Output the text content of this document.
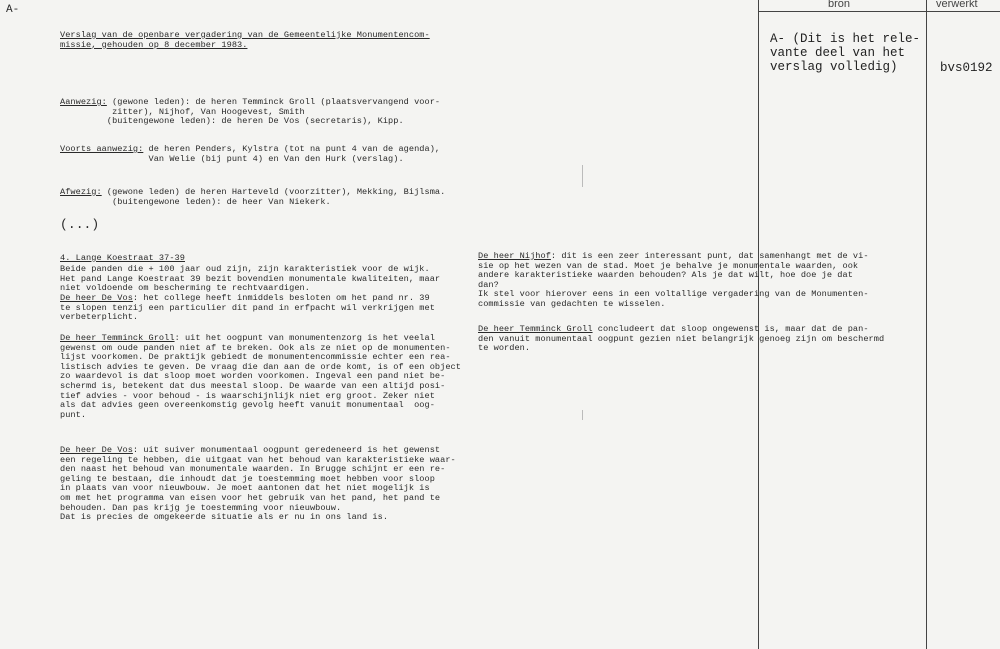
A-	bron	verwerkt
A- (Dit is het rele-
vante deel van het
verslag volledig)	bvs0192
Verslag van de openbare vergadering van de Gemeentelijke Monumentencom-
missie, gehouden op 8 december 1983.
Aanwezig: (gewone leden): de heren Temminck Groll (plaatsvervangend voor-
zitter), Nijhof, Van Hoogevest, Smith
(buitengewone leden): de heren De Vos (secretaris), Kipp.
Voorts aanwezig: de heren Penders, Kylstra (tot na punt 4 van de agenda),
Van Welie (bij punt 4) en Van den Hurk (verslag).
Afwezig: (gewone leden) de heren Harteveld (voorzitter), Mekking, Bijlsma.
(buitengewone leden): de heer Van Niekerk.
(...)
4. Lange Koestraat 37-39
Beide panden die + 100 jaar oud zijn, zijn karakteristiek voor de wijk.
Het pand Lange Koestraat 39 bezit bovendien monumentale kwaliteiten, maar
niet voldoende om bescherming te rechtvaardigen.
De heer De Vos: het college heeft inmiddels besloten om het pand nr. 39
te slopen tenzij een particulier dit pand in erfpacht wil verkrijgen met
verbeterplicht.
De heer Temminck Groll: uit het oogpunt van monumentenzorg is het veelal
gewenst om oude panden niet af te breken. Ook als ze niet op de monumenten-
lijst voorkomen. De praktijk gebiedt de monumentencommissie echter een rea-
listisch advies te geven. De vraag die dan aan de orde komt, is of een object
zo waardevol is dat sloop moet worden voorkomen. Ingeval een pand niet be-
schermd is, betekent dat dus meestal sloop. De waarde van een altijd posi-
tief advies - voor behoud - is waarschijnlijk niet erg groot. Zeker niet
als dat advies geen overeenkomstig gevolg heeft vanuit monumentaal  oog-
punt.
De heer De Vos: uit suiver monumentaal oogpunt geredeneerd is het gewenst
een regeling te hebben, die uitgaat van het behoud van karakteristieke waar-
den naast het behoud van monumentale waarden. In Brugge schijnt er een re-
geling te bestaan, die inhoudt dat je toestemming moet hebben voor sloop
in plaats van voor nieuwbouw. Je moet aantonen dat het niet mogelijk is
om met het programma van eisen voor het gebruik van het pand, het pand te
behouden. Dan pas krijg je toestemming voor nieuwbouw.
Dat is precies de omgekeerde situatie als er nu in ons land is.
De heer Nijhof: dit is een zeer interessant punt, dat samenhangt met de vi-
sie op het wezen van de stad. Moet je behalve je monumentale waarden, ook
andere karakteristieke waarden behouden? Als je dat wilt, hoe doe je dat
dan?
Ik stel voor hierover eens in een voltallige vergadering van de Monumenten-
commissie van gedachten te wisselen.
De heer Temminck Groll concludeert dat sloop ongewenst is, maar dat de pan-
den vanuit monumentaal oogpunt gezien niet belangrijk genoeg zijn om beschermd
te worden.
